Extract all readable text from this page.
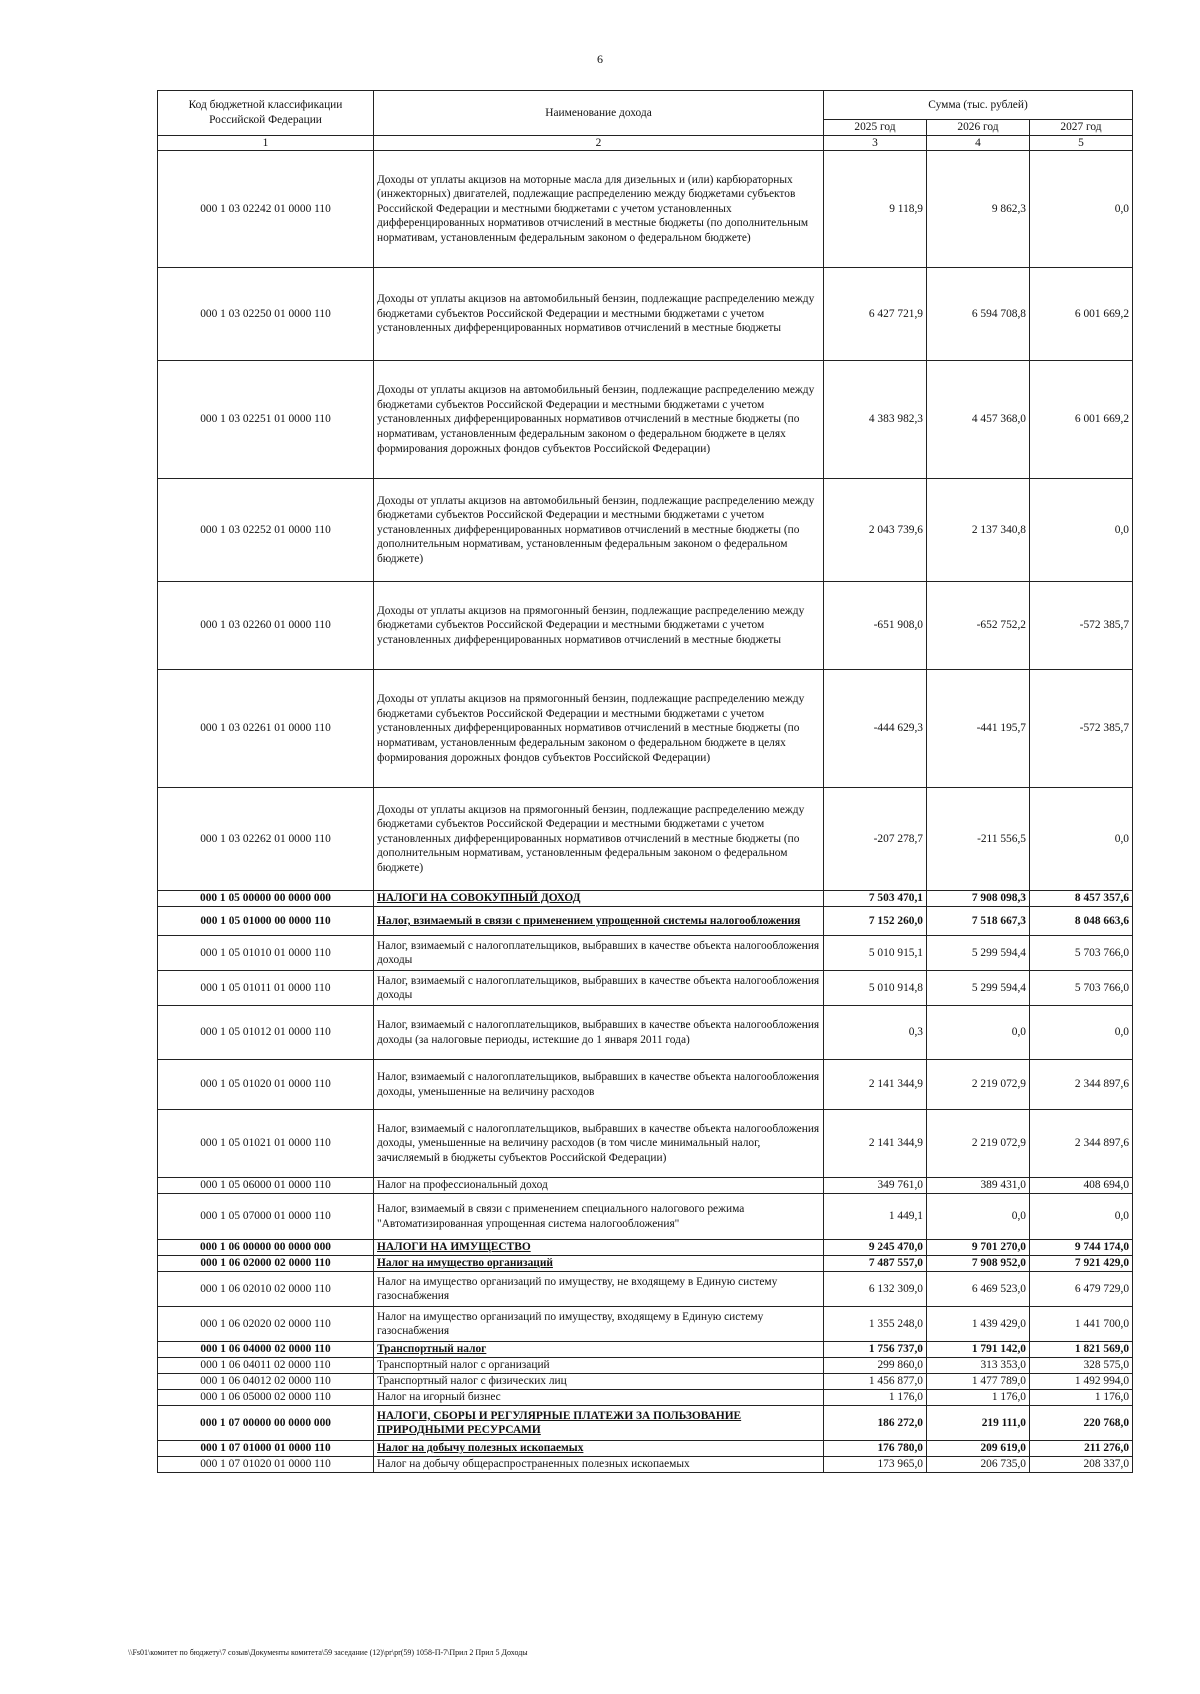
6
Код бюджетной классификации Российской Федерации	Наименование дохода	Сумма (тыс. рублей)		
		2025 год	2026 год	2027 год
1	2	3	4	5
000 1 03 02242 01 0000 110	Доходы от уплаты акцизов на моторные масла для дизельных и (или) карбюраторных (инжекторных) двигателей, подлежащие распределению между бюджетами субъектов Российской Федерации и местными бюджетами с учетом установленных дифференцированных нормативов отчислений в местные бюджеты (по дополнительным нормативам, установленным федеральным законом о федеральном бюджете)	9 118,9	9 862,3	0,0
000 1 03 02250 01 0000 110	Доходы от уплаты акцизов на автомобильный бензин, подлежащие распределению между бюджетами субъектов Российской Федерации и местными бюджетами с учетом установленных дифференцированных нормативов отчислений в местные бюджеты	6 427 721,9	6 594 708,8	6 001 669,2
000 1 03 02251 01 0000 110	Доходы от уплаты акцизов на автомобильный бензин, подлежащие распределению между бюджетами субъектов Российской Федерации и местными бюджетами с учетом установленных дифференцированных нормативов отчислений в местные бюджеты (по нормативам, установленным федеральным законом о федеральном бюджете в целях формирования дорожных фондов субъектов Российской Федерации)	4 383 982,3	4 457 368,0	6 001 669,2
000 1 03 02252 01 0000 110	Доходы от уплаты акцизов на автомобильный бензин, подлежащие распределению между бюджетами субъектов Российской Федерации и местными бюджетами с учетом установленных дифференцированных нормативов отчислений в местные бюджеты (по дополнительным нормативам, установленным федеральным законом о федеральном бюджете)	2 043 739,6	2 137 340,8	0,0
000 1 03 02260 01 0000 110	Доходы от уплаты акцизов на прямогонный бензин, подлежащие распределению между бюджетами субъектов Российской Федерации и местными бюджетами с учетом установленных дифференцированных нормативов отчислений в местные бюджеты	-651 908,0	-652 752,2	-572 385,7
000 1 03 02261 01 0000 110	Доходы от уплаты акцизов на прямогонный бензин, подлежащие распределению между бюджетами субъектов Российской Федерации и местными бюджетами с учетом установленных дифференцированных нормативов отчислений в местные бюджеты (по нормативам, установленным федеральным законом о федеральном бюджете в целях формирования дорожных фондов субъектов Российской Федерации)	-444 629,3	-441 195,7	-572 385,7
000 1 03 02262 01 0000 110	Доходы от уплаты акцизов на прямогонный бензин, подлежащие распределению между бюджетами субъектов Российской Федерации и местными бюджетами с учетом установленных дифференцированных нормативов отчислений в местные бюджеты (по дополнительным нормативам, установленным федеральным законом о федеральном бюджете)	-207 278,7	-211 556,5	0,0
000 1 05 00000 00 0000 000	НАЛОГИ НА СОВОКУПНЫЙ ДОХОД	7 503 470,1	7 908 098,3	8 457 357,6
000 1 05 01000 00 0000 110	Налог, взимаемый в связи с применением упрощенной системы налогообложения	7 152 260,0	7 518 667,3	8 048 663,6
000 1 05 01010 01 0000 110	Налог, взимаемый с налогоплательщиков, выбравших в качестве объекта налогообложения доходы	5 010 915,1	5 299 594,4	5 703 766,0
000 1 05 01011 01 0000 110	Налог, взимаемый с налогоплательщиков, выбравших в качестве объекта налогообложения доходы	5 010 914,8	5 299 594,4	5 703 766,0
000 1 05 01012 01 0000 110	Налог, взимаемый с налогоплательщиков, выбравших в качестве объекта налогообложения доходы (за налоговые периоды, истекшие до 1 января 2011 года)	0,3	0,0	0,0
000 1 05 01020 01 0000 110	Налог, взимаемый с налогоплательщиков, выбравших в качестве объекта налогообложения доходы, уменьшенные на величину расходов	2 141 344,9	2 219 072,9	2 344 897,6
000 1 05 01021 01 0000 110	Налог, взимаемый с налогоплательщиков, выбравших в качестве объекта налогообложения доходы, уменьшенные на величину расходов (в том числе минимальный налог, зачисляемый в бюджеты субъектов Российской Федерации)	2 141 344,9	2 219 072,9	2 344 897,6
000 1 05 06000 01 0000 110	Налог на профессиональный доход	349 761,0	389 431,0	408 694,0
000 1 05 07000 01 0000 110	Налог, взимаемый в связи с применением специального налогового режима "Автоматизированная упрощенная система налогообложения"	1 449,1	0,0	0,0
000 1 06 00000 00 0000 000	НАЛОГИ НА ИМУЩЕСТВО	9 245 470,0	9 701 270,0	9 744 174,0
000 1 06 02000 02 0000 110	Налог на имущество организаций	7 487 557,0	7 908 952,0	7 921 429,0
000 1 06 02010 02 0000 110	Налог на имущество организаций по имуществу, не входящему в Единую систему газоснабжения	6 132 309,0	6 469 523,0	6 479 729,0
000 1 06 02020 02 0000 110	Налог на имущество организаций по имуществу, входящему в Единую систему газоснабжения	1 355 248,0	1 439 429,0	1 441 700,0
000 1 06 04000 02 0000 110	Транспортный налог	1 756 737,0	1 791 142,0	1 821 569,0
000 1 06 04011 02 0000 110	Транспортный налог с организаций	299 860,0	313 353,0	328 575,0
000 1 06 04012 02 0000 110	Транспортный налог с физических лиц	1 456 877,0	1 477 789,0	1 492 994,0
000 1 06 05000 02 0000 110	Налог на игорный бизнес	1 176,0	1 176,0	1 176,0
000 1 07 00000 00 0000 000	НАЛОГИ, СБОРЫ И РЕГУЛЯРНЫЕ ПЛАТЕЖИ ЗА ПОЛЬЗОВАНИЕ ПРИРОДНЫМИ РЕСУРСАМИ	186 272,0	219 111,0	220 768,0
000 1 07 01000 01 0000 110	Налог на добычу полезных ископаемых	176 780,0	209 619,0	211 276,0
000 1 07 01020 01 0000 110	Налог на добычу общераспространенных полезных ископаемых	173 965,0	206 735,0	208 337,0
\\Fs01\комитет по бюджету\7 созыв\Документы комитета\59 заседание (12)\pr\pr(59) 1058-П-7\Прил 2 Прил 5 Доходы
